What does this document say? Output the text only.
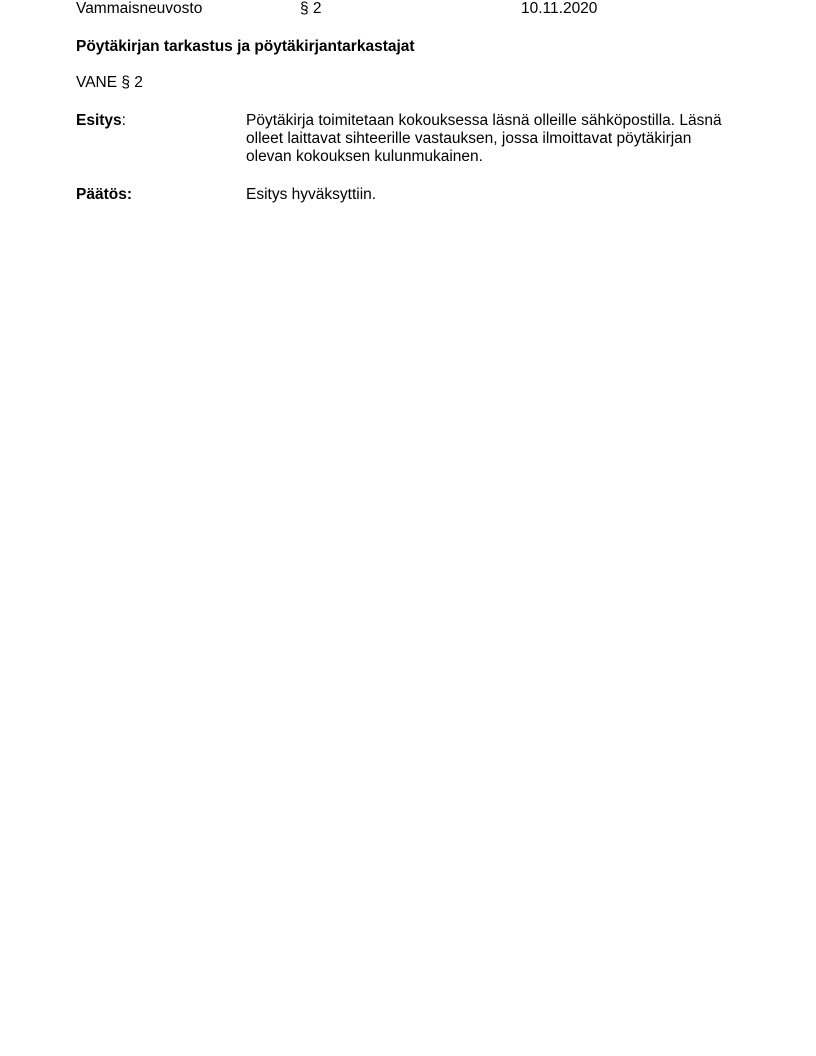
Vammaisneuvosto	§ 2	10.11.2020
Pöytäkirjan tarkastus ja pöytäkirjantarkastajat
VANE § 2
Esitys:	Pöytäkirja toimitetaan kokouksessa läsnä olleille sähköpostilla. Läsnä
olleet laittavat sihteerille vastauksen, jossa ilmoittavat pöytäkirjan
olevan kokouksen kulunmukainen.
Päätös:	Esitys hyväksyttiin.
